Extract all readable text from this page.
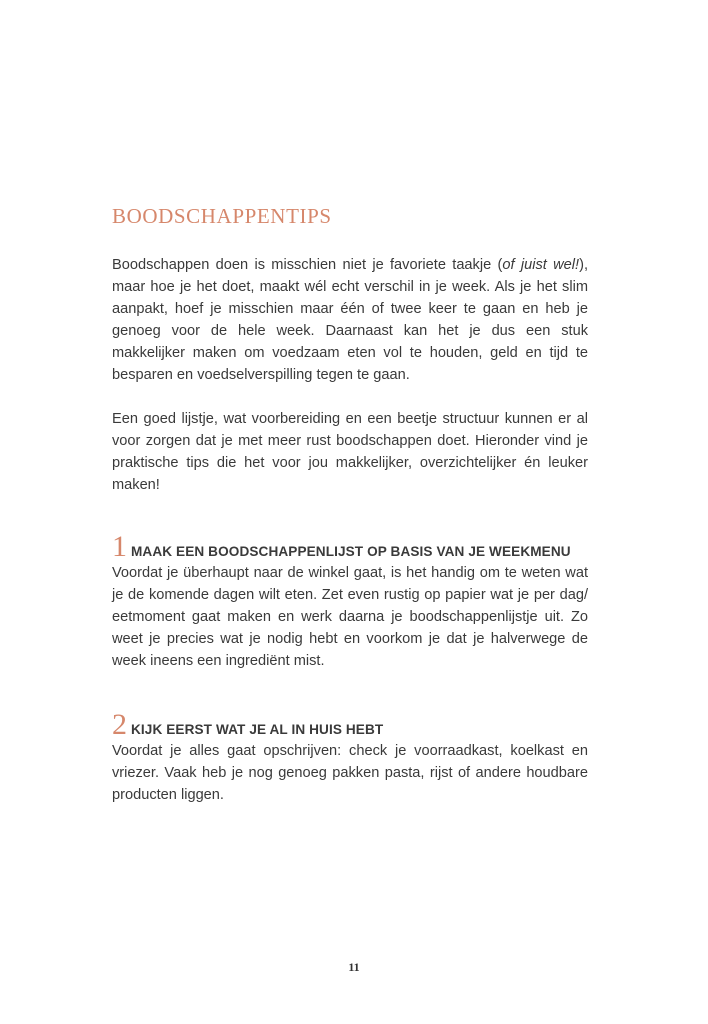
BOODSCHAPPENTIPS

Boodschappen doen is misschien niet je favoriete taakje (of juist wel!), maar hoe je het doet, maakt wél echt verschil in je week. Als je het slim aanpakt, hoef je misschien maar één of twee keer te gaan en heb je genoeg voor de hele week. Daarnaast kan het je dus een stuk makkelijker maken om voedzaam eten vol te houden, geld en tijd te besparen en voedselverspilling tegen te gaan.

Een goed lijstje, wat voorbereiding en een beetje structuur kunnen er al voor zorgen dat je met meer rust boodschappen doet. Hieronder vind je praktische tips die het voor jou makkelijker, overzichtelijker én leuker maken!

1 MAAK EEN BOODSCHAPPENLIJST OP BASIS VAN JE WEEKMENU

Voordat je überhaupt naar de winkel gaat, is het handig om te weten wat je de komende dagen wilt eten. Zet even rustig op papier wat je per dag/ eetmoment gaat maken en werk daarna je boodschappenlijstje uit. Zo weet je precies wat je nodig hebt en voorkom je dat je halverwege de week ineens een ingrediënt mist.

2 KIJK EERST WAT JE AL IN HUIS HEBT

Voordat je alles gaat opschrijven: check je voorraadkast, koelkast en vriezer. Vaak heb je nog genoeg pakken pasta, rijst of andere houdbare producten liggen.

11
